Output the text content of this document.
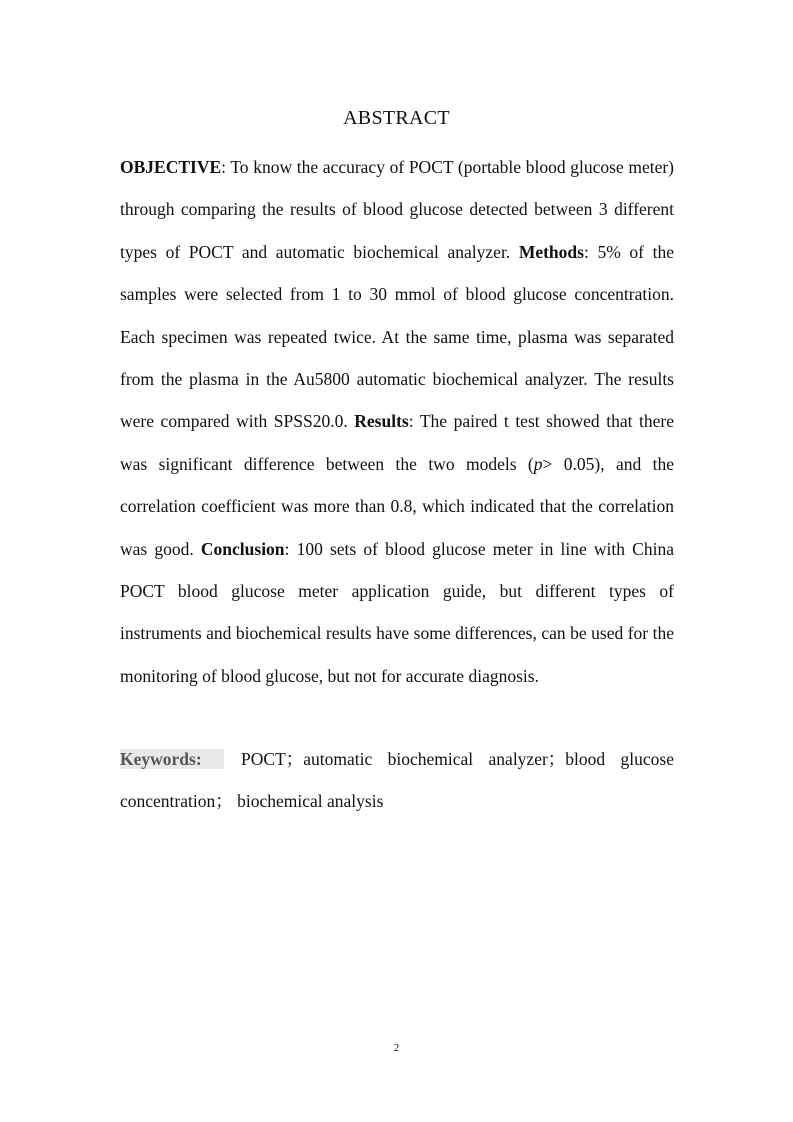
ABSTRACT

OBJECTIVE: To know the accuracy of POCT (portable blood glucose meter) through comparing the results of blood glucose detected between 3 different types of POCT and automatic biochemical analyzer. Methods: 5% of the samples were selected from 1 to 30 mmol of blood glucose concentration. Each specimen was repeated twice. At the same time, plasma was separated from the plasma in the Au5800 automatic biochemical analyzer. The results were compared with SPSS20.0. Results: The paired t test showed that there was significant difference between the two models (p> 0.05), and the correlation coefficient was more than 0.8, which indicated that the correlation was good. Conclusion: 100 sets of blood glucose meter in line with China POCT blood glucose meter application guide, but different types of instruments and biochemical results have some differences, can be used for the monitoring of blood glucose, but not for accurate diagnosis.

Keywords: POCT；automatic biochemical analyzer；blood glucose concentration； biochemical analysis

2
